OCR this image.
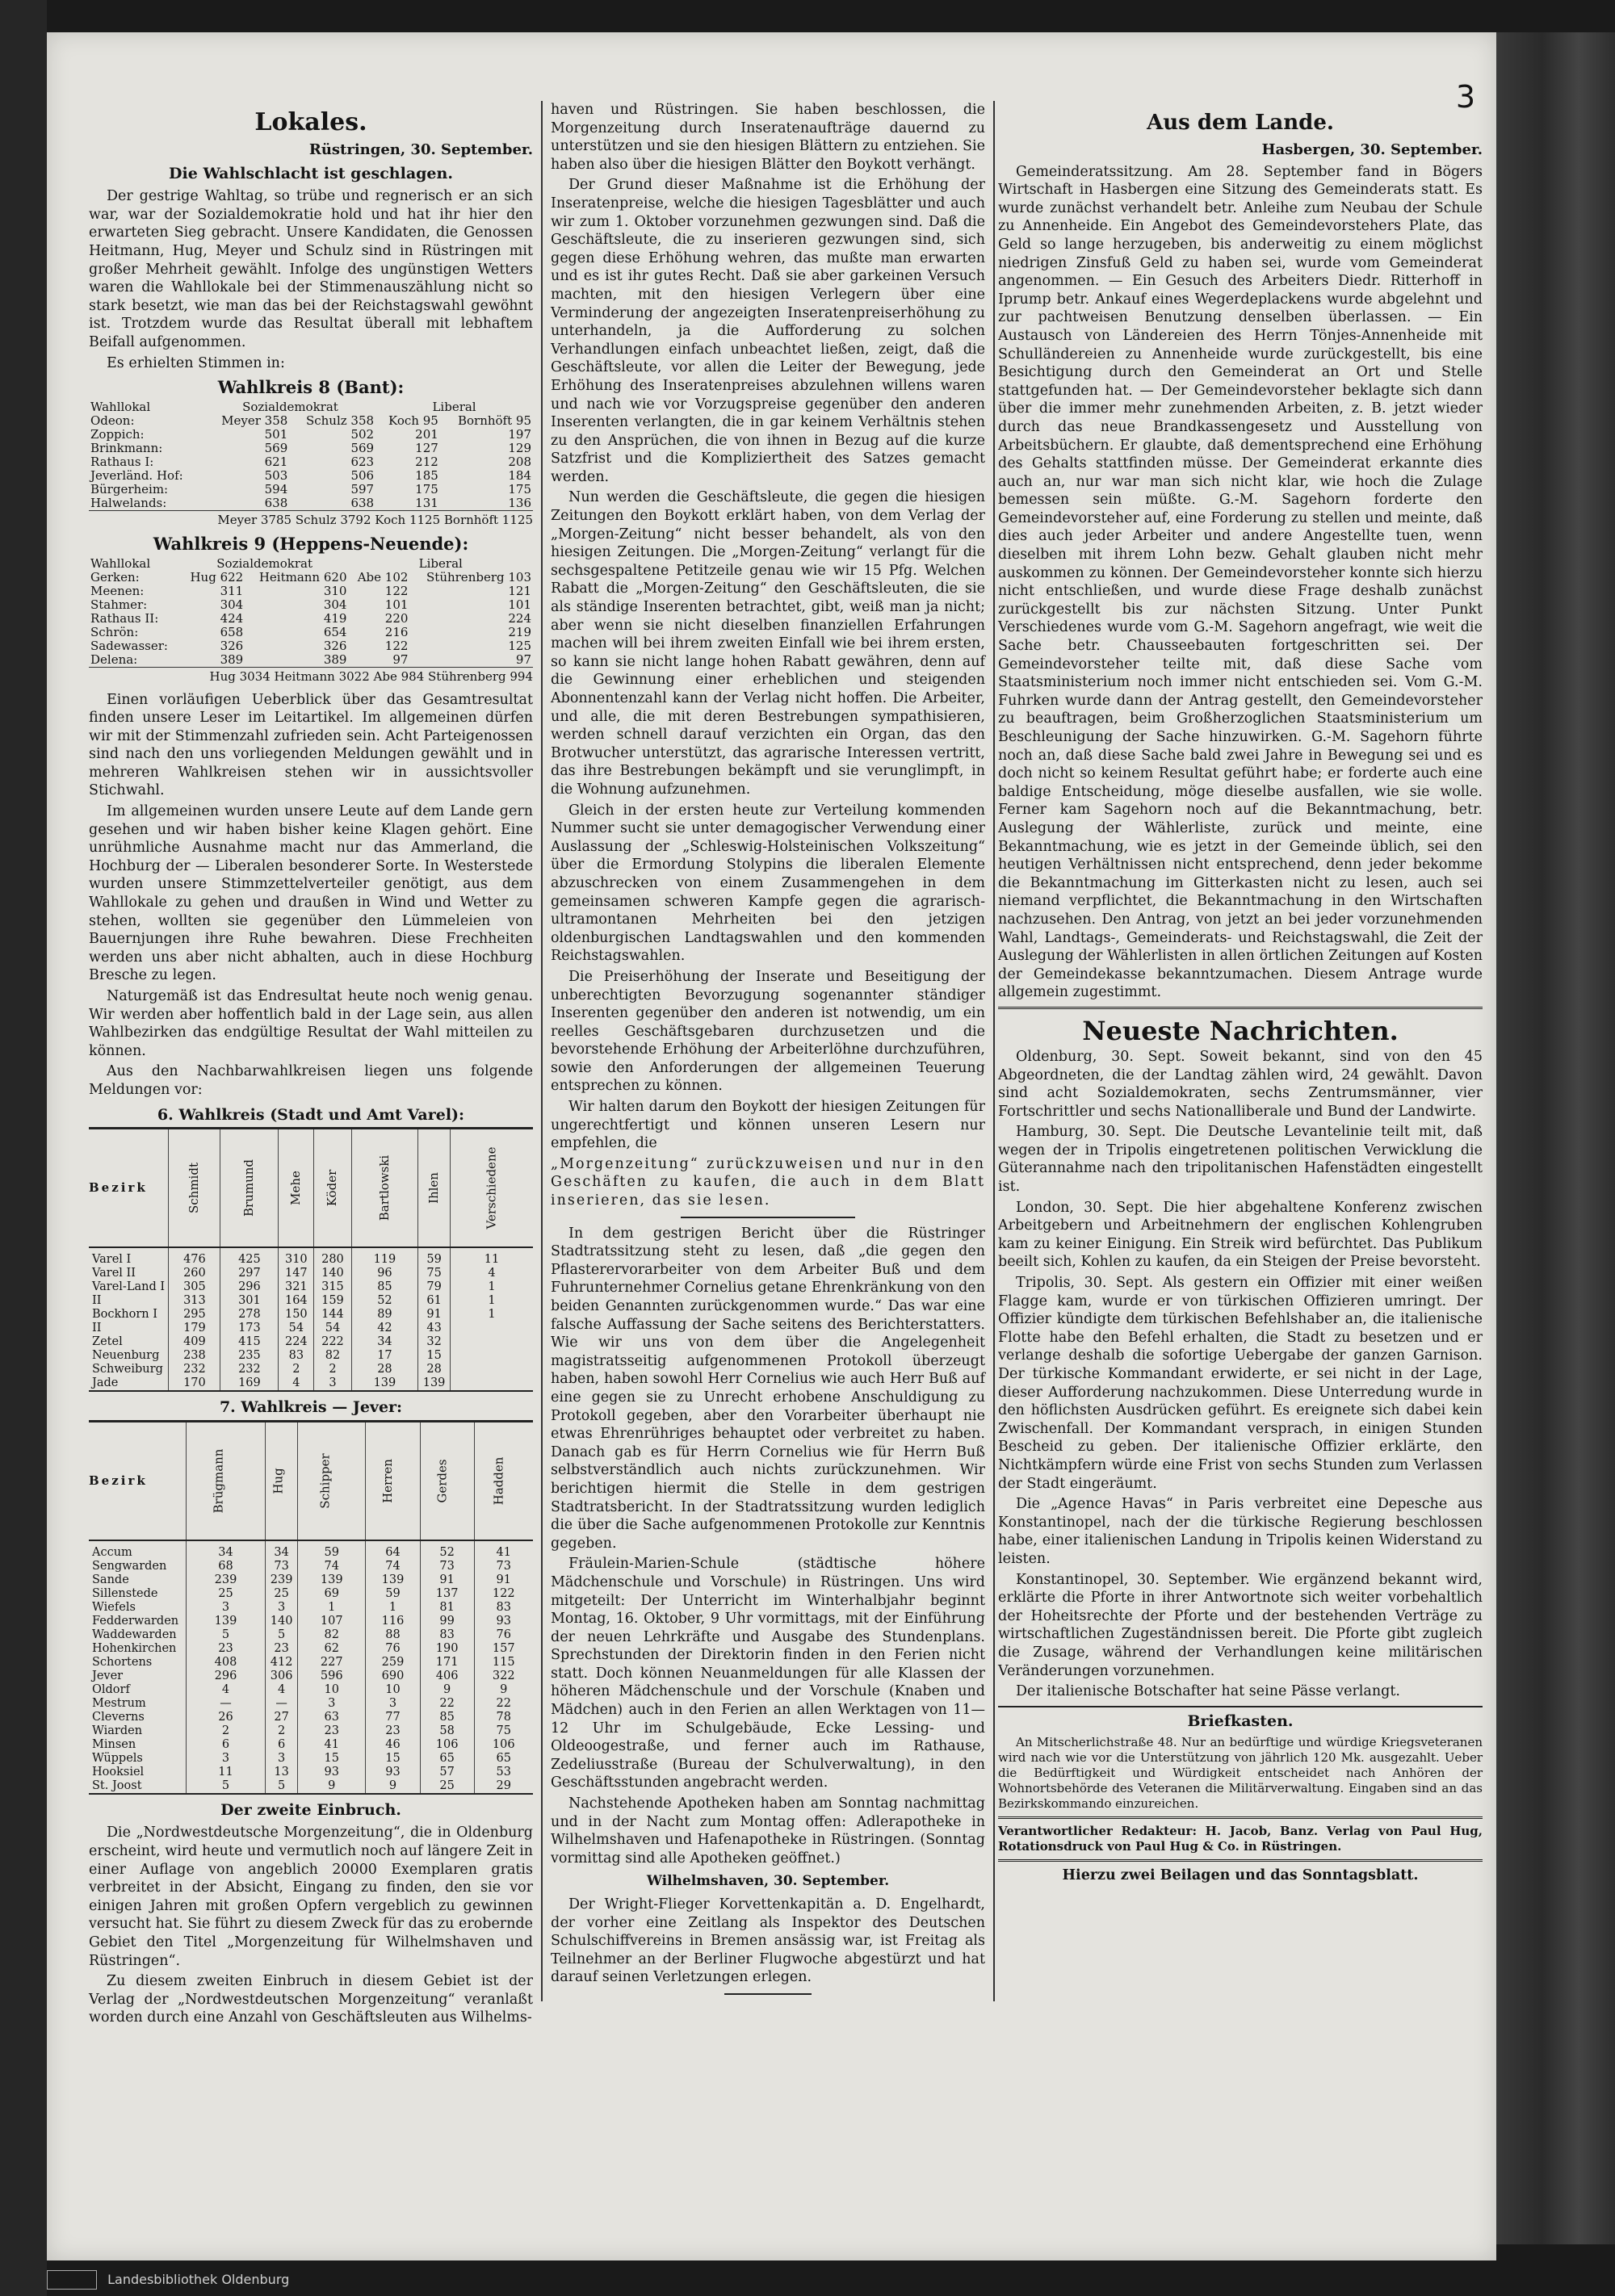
3
Lokales.
Rüstringen, 30. September.
Die Wahlschlacht ist geschlagen.

Der gestrige Wahltag, so trübe und regnerisch er an sich war, war der Sozialdemokratie hold und hat ihr hier den erwarteten Sieg gebracht. Unsere Kandidaten, die Genossen Heitmann, Hug, Meyer und Schulz sind in Rüstringen mit großer Mehrheit gewählt. Infolge des ungünstigen Wetters waren die Wahllokale bei der Stimmenauszählung nicht so stark besetzt, wie man das bei der Reichstagswahl gewöhnt ist. Trotzdem wurde das Resultat überall mit lebhaftem Beifall aufgenommen.

Es erhielten Stimmen in:

Wahlkreis 8 (Bant):
Wahllokal	Sozialdemokrat		Liberal	
Odeon:	Meyer 358	Schulz 358	Koch 95	Bornhöft 95
Zoppich:	501	502	201	197
Brinkmann:	569	569	127	129
Rathaus I:	621	623	212	208
Jeverländ. Hof:	503	506	185	184
Bürgerheim:	594	597	175	175
Halwelands:	638	638	131	136
Meyer 3785 Schulz 3792 Koch 1125 Bornhöft 1125
Wahlkreis 9 (Heppens-Neuende):
Wahllokal	Sozialdemokrat		Liberal	
Gerken:	Hug 622	Heitmann 620	Abe 102	Stührenberg 103
Meenen:	311	310	122	121
Stahmer:	304	304	101	101
Rathaus II:	424	419	220	224
Schrön:	658	654	216	219
Sadewasser:	326	326	122	125
Delena:	389	389	97	97
Hug 3034 Heitmann 3022 Abe 984 Stührenberg 994

Einen vorläufigen Ueberblick über das Gesamtresultat finden unsere Leser im Leitartikel. Im allgemeinen dürfen wir mit der Stimmenzahl zufrieden sein. Acht Parteigenossen sind nach den uns vorliegenden Meldungen gewählt und in mehreren Wahlkreisen stehen wir in aussichtsvoller Stichwahl.

Im allgemeinen wurden unsere Leute auf dem Lande gern gesehen und wir haben bisher keine Klagen gehört. Eine unrühmliche Ausnahme macht nur das Ammerland, die Hochburg der — Liberalen besonderer Sorte. In Westerstede wurden unsere Stimmzettelverteiler genötigt, aus dem Wahllokale zu gehen und draußen in Wind und Wetter zu stehen, wollten sie gegenüber den Lümmeleien von Bauernjungen ihre Ruhe bewahren. Diese Frechheiten werden uns aber nicht abhalten, auch in diese Hochburg Bresche zu legen.

Naturgemäß ist das Endresultat heute noch wenig genau. Wir werden aber hoffentlich bald in der Lage sein, aus allen Wahlbezirken das endgültige Resultat der Wahl mitteilen zu können.

Aus den Nachbarwahlkreisen liegen uns folgende Meldungen vor:

6. Wahlkreis (Stadt und Amt Varel):
Bezirk	Schmidt	Brumund	Mehe	Köder	Bartlowski	Ihlen	Verschiedene
Varel I	476	425	310	280	119	59	11
Varel II	260	297	147	140	96	75	4
Varel-Land I	305	296	321	315	85	79	1
II	313	301	164	159	52	61	1
Bockhorn I	295	278	150	144	89	91	1
II	179	173	54	54	42	43	
Zetel	409	415	224	222	34	32	
Neuenburg	238	235	83	82	17	15	
Schweiburg	232	232	2	2	28	28	
Jade	170	169	4	3	139	139	
7. Wahlkreis — Jever:
Bezirk	Brügmann	Hug	Schipper	Herren	Gerdes	Hadden
Accum	34	34	59	64	52	41
Sengwarden	68	73	74	74	73	73
Sande	239	239	139	139	91	91
Sillenstede	25	25	69	59	137	122
Wiefels	3	3	1	1	81	83
Fedderwarden	139	140	107	116	99	93
Waddewarden	5	5	82	88	83	76
Hohenkirchen	23	23	62	76	190	157
Schortens	408	412	227	259	171	115
Jever	296	306	596	690	406	322
Oldorf	4	4	10	10	9	9
Mestrum	—	—	3	3	22	22
Cleverns	26	27	63	77	85	78
Wiarden	2	2	23	23	58	75
Minsen	6	6	41	46	106	106
Wüppels	3	3	15	15	65	65
Hooksiel	11	13	93	93	57	53
St. Joost	5	5	9	9	25	29
Der zweite Einbruch.

Die „Nordwestdeutsche Morgenzeitung“, die in Oldenburg erscheint, wird heute und vermutlich noch auf längere Zeit in einer Auflage von angeblich 20000 Exemplaren gratis verbreitet in der Absicht, Eingang zu finden, den sie vor einigen Jahren mit großen Opfern vergeblich zu gewinnen versucht hat. Sie führt zu diesem Zweck für das zu erobernde Gebiet den Titel „Morgenzeitung für Wilhelmshaven und Rüstringen“.

Zu diesem zweiten Einbruch in diesem Gebiet ist der Verlag der „Nordwestdeutschen Morgenzeitung“ veranlaßt worden durch eine Anzahl von Geschäftsleuten aus Wilhelms-

haven und Rüstringen. Sie haben beschlossen, die Morgenzeitung durch Inseratenaufträge dauernd zu unterstützen und sie den hiesigen Blättern zu entziehen. Sie haben also über die hiesigen Blätter den Boykott verhängt.

Der Grund dieser Maßnahme ist die Erhöhung der Inseratenpreise, welche die hiesigen Tagesblätter und auch wir zum 1. Oktober vorzunehmen gezwungen sind. Daß die Geschäftsleute, die zu inserieren gezwungen sind, sich gegen diese Erhöhung wehren, das mußte man erwarten und es ist ihr gutes Recht. Daß sie aber garkeinen Versuch machten, mit den hiesigen Verlegern über eine Verminderung der angezeigten Inseratenpreiserhöhung zu unterhandeln, ja die Aufforderung zu solchen Verhandlungen einfach unbeachtet ließen, zeigt, daß die Geschäftsleute, vor allen die Leiter der Bewegung, jede Erhöhung des Inseratenpreises abzulehnen willens waren und nach wie vor Vorzugspreise gegenüber den anderen Inserenten verlangten, die in gar keinem Verhältnis stehen zu den Ansprüchen, die von ihnen in Bezug auf die kurze Satzfrist und die Kompliziertheit des Satzes gemacht werden.

Nun werden die Geschäftsleute, die gegen die hiesigen Zeitungen den Boykott erklärt haben, von dem Verlag der „Morgen-Zeitung“ nicht besser behandelt, als von den hiesigen Zeitungen. Die „Morgen-Zeitung“ verlangt für die sechsgespaltene Petitzeile genau wie wir 15 Pfg. Welchen Rabatt die „Morgen-Zeitung“ den Geschäftsleuten, die sie als ständige Inserenten betrachtet, gibt, weiß man ja nicht; aber wenn sie nicht dieselben finanziellen Erfahrungen machen will bei ihrem zweiten Einfall wie bei ihrem ersten, so kann sie nicht lange hohen Rabatt gewähren, denn auf die Gewinnung einer erheblichen und steigenden Abonnentenzahl kann der Verlag nicht hoffen. Die Arbeiter, und alle, die mit deren Bestrebungen sympathisieren, werden schnell darauf verzichten ein Organ, das den Brotwucher unterstützt, das agrarische Interessen vertritt, das ihre Bestrebungen bekämpft und sie verunglimpft, in die Wohnung aufzunehmen.

Gleich in der ersten heute zur Verteilung kommenden Nummer sucht sie unter demagogischer Verwendung einer Auslassung der „Schleswig-Holsteinischen Volkszeitung“ über die Ermordung Stolypins die liberalen Elemente abzuschrecken von einem Zusammengehen in dem gemeinsamen schweren Kampfe gegen die agrarisch-ultramontanen Mehrheiten bei den jetzigen oldenburgischen Landtagswahlen und den kommenden Reichstagswahlen.

Die Preiserhöhung der Inserate und Beseitigung der unberechtigten Bevorzugung sogenannter ständiger Inserenten gegenüber den anderen ist notwendig, um ein reelles Geschäftsgebaren durchzusetzen und die bevorstehende Erhöhung der Arbeiterlöhne durchzuführen, sowie den Anforderungen der allgemeinen Teuerung entsprechen zu können.

Wir halten darum den Boykott der hiesigen Zeitungen für ungerechtfertigt und können unseren Lesern nur empfehlen, die

„Morgenzeitung“ zurückzuweisen und nur in den Geschäften zu kaufen, die auch in dem Blatt inserieren, das sie lesen.

In dem gestrigen Bericht über die Rüstringer Stadtratssitzung steht zu lesen, daß „die gegen den Pflasterervorarbeiter von dem Arbeiter Buß und dem Fuhrunternehmer Cornelius getane Ehrenkränkung von den beiden Genannten zurückgenommen wurde.“ Das war eine falsche Auffassung der Sache seitens des Berichterstatters. Wie wir uns von dem über die Angelegenheit magistratsseitig aufgenommenen Protokoll überzeugt haben, haben sowohl Herr Cornelius wie auch Herr Buß auf eine gegen sie zu Unrecht erhobene Anschuldigung zu Protokoll gegeben, aber den Vorarbeiter überhaupt nie etwas Ehrenrühriges behauptet oder verbreitet zu haben. Danach gab es für Herrn Cornelius wie für Herrn Buß selbstverständlich auch nichts zurückzunehmen. Wir berichtigen hiermit die Stelle in dem gestrigen Stadtratsbericht. In der Stadtratssitzung wurden lediglich die über die Sache aufgenommenen Protokolle zur Kenntnis gegeben.

Fräulein-Marien-Schule (städtische höhere Mädchenschule und Vorschule) in Rüstringen. Uns wird mitgeteilt: Der Unterricht im Winterhalbjahr beginnt Montag, 16. Oktober, 9 Uhr vormittags, mit der Einführung der neuen Lehrkräfte und Ausgabe des Stundenplans. Sprechstunden der Direktorin finden in den Ferien nicht statt. Doch können Neuanmeldungen für alle Klassen der höheren Mädchenschule und der Vorschule (Knaben und Mädchen) auch in den Ferien an allen Werktagen von 11—12 Uhr im Schulgebäude, Ecke Lessing- und Oldeoogestraße, und ferner auch im Rathause, Zedeliusstraße (Bureau der Schulverwaltung), in den Geschäftsstunden angebracht werden.

Nachstehende Apotheken haben am Sonntag nachmittag und in der Nacht zum Montag offen: Adlerapotheke in Wilhelmshaven und Hafenapotheke in Rüstringen. (Sonntag vormittag sind alle Apotheken geöffnet.)

Wilhelmshaven, 30. September.

Der Wright-Flieger Korvettenkapitän a. D. Engelhardt, der vorher eine Zeitlang als Inspektor des Deutschen Schulschiffvereins in Bremen ansässig war, ist Freitag als Teilnehmer an der Berliner Flugwoche abgestürzt und hat darauf seinen Verletzungen erlegen.

Aus dem Lande.
Hasbergen, 30. September.

Gemeinderatssitzung. Am 28. September fand in Bögers Wirtschaft in Hasbergen eine Sitzung des Gemeinderats statt. Es wurde zunächst verhandelt betr. Anleihe zum Neubau der Schule zu Annenheide. Ein Angebot des Gemeindevorstehers Plate, das Geld so lange herzugeben, bis anderweitig zu einem möglichst niedrigen Zinsfuß Geld zu haben sei, wurde vom Gemeinderat angenommen. — Ein Gesuch des Arbeiters Diedr. Ritterhoff in Iprump betr. Ankauf eines Wegerdeplackens wurde abgelehnt und zur pachtweisen Benutzung denselben überlassen. — Ein Austausch von Ländereien des Herrn Tönjes-Annenheide mit Schulländereien zu Annenheide wurde zurückgestellt, bis eine Besichtigung durch den Gemeinderat an Ort und Stelle stattgefunden hat. — Der Gemeindevorsteher beklagte sich dann über die immer mehr zunehmenden Arbeiten, z. B. jetzt wieder durch das neue Brandkassengesetz und Ausstellung von Arbeitsbüchern. Er glaubte, daß dementsprechend eine Erhöhung des Gehalts stattfinden müsse. Der Gemeinderat erkannte dies auch an, nur war man sich nicht klar, wie hoch die Zulage bemessen sein müßte. G.-M. Sagehorn forderte den Gemeindevorsteher auf, eine Forderung zu stellen und meinte, daß dies auch jeder Arbeiter und andere Angestellte tuen, wenn dieselben mit ihrem Lohn bezw. Gehalt glauben nicht mehr auskommen zu können. Der Gemeindevorsteher konnte sich hierzu nicht entschließen, und wurde diese Frage deshalb zunächst zurückgestellt bis zur nächsten Sitzung. Unter Punkt Verschiedenes wurde vom G.-M. Sagehorn angefragt, wie weit die Sache betr. Chausseebauten fortgeschritten sei. Der Gemeindevorsteher teilte mit, daß diese Sache vom Staatsministerium noch immer nicht entschieden sei. Vom G.-M. Fuhrken wurde dann der Antrag gestellt, den Gemeindevorsteher zu beauftragen, beim Großherzoglichen Staatsministerium um Beschleunigung der Sache hinzuwirken. G.-M. Sagehorn führte noch an, daß diese Sache bald zwei Jahre in Bewegung sei und es doch nicht so keinem Resultat geführt habe; er forderte auch eine baldige Entscheidung, möge dieselbe ausfallen, wie sie wolle. Ferner kam Sagehorn noch auf die Bekanntmachung, betr. Auslegung der Wählerliste, zurück und meinte, eine Bekanntmachung, wie es jetzt in der Gemeinde üblich, sei den heutigen Verhältnissen nicht entsprechend, denn jeder bekomme die Bekanntmachung im Gitterkasten nicht zu lesen, auch sei niemand verpflichtet, die Bekanntmachung in den Wirtschaften nachzusehen. Den Antrag, von jetzt an bei jeder vorzunehmenden Wahl, Landtags-, Gemeinderats- und Reichstagswahl, die Zeit der Auslegung der Wählerlisten in allen örtlichen Zeitungen auf Kosten der Gemeindekasse bekanntzumachen. Diesem Antrage wurde allgemein zugestimmt.

Neueste Nachrichten.

Oldenburg, 30. Sept. Soweit bekannt, sind von den 45 Abgeordneten, die der Landtag zählen wird, 24 gewählt. Davon sind acht Sozialdemokraten, sechs Zentrumsmänner, vier Fortschrittler und sechs Nationalliberale und Bund der Landwirte.

Hamburg, 30. Sept. Die Deutsche Levantelinie teilt mit, daß wegen der in Tripolis eingetretenen politischen Verwicklung die Güterannahme nach den tripolitanischen Hafenstädten eingestellt ist.

London, 30. Sept. Die hier abgehaltene Konferenz zwischen Arbeitgebern und Arbeitnehmern der englischen Kohlengruben kam zu keiner Einigung. Ein Streik wird befürchtet. Das Publikum beeilt sich, Kohlen zu kaufen, da ein Steigen der Preise bevorsteht.

Tripolis, 30. Sept. Als gestern ein Offizier mit einer weißen Flagge kam, wurde er von türkischen Offizieren umringt. Der Offizier kündigte dem türkischen Befehlshaber an, die italienische Flotte habe den Befehl erhalten, die Stadt zu besetzen und er verlange deshalb die sofortige Uebergabe der ganzen Garnison. Der türkische Kommandant erwiderte, er sei nicht in der Lage, dieser Aufforderung nachzukommen. Diese Unterredung wurde in den höflichsten Ausdrücken geführt. Es ereignete sich dabei kein Zwischenfall. Der Kommandant versprach, in einigen Stunden Bescheid zu geben. Der italienische Offizier erklärte, den Nichtkämpfern würde eine Frist von sechs Stunden zum Verlassen der Stadt eingeräumt.

Die „Agence Havas“ in Paris verbreitet eine Depesche aus Konstantinopel, nach der die türkische Regierung beschlossen habe, einer italienischen Landung in Tripolis keinen Widerstand zu leisten.

Konstantinopel, 30. September. Wie ergänzend bekannt wird, erklärte die Pforte in ihrer Antwortnote sich weiter vorbehaltlich der Hoheitsrechte der Pforte und der bestehenden Verträge zu wirtschaftlichen Zugeständnissen bereit. Die Pforte gibt zugleich die Zusage, während der Verhandlungen keine militärischen Veränderungen vorzunehmen.

Der italienische Botschafter hat seine Pässe verlangt.

Briefkasten.

An Mitscherlichstraße 48. Nur an bedürftige und würdige Kriegsveteranen wird nach wie vor die Unterstützung von jährlich 120 Mk. ausgezahlt. Ueber die Bedürftigkeit und Würdigkeit entscheidet nach Anhören der Wohnortsbehörde des Veteranen die Militärverwaltung. Eingaben sind an das Bezirkskommando einzureichen.

Verantwortlicher Redakteur: H. Jacob, Banz. Verlag von Paul Hug, Rotationsdruck von Paul Hug & Co. in Rüstringen.

Hierzu zwei Beilagen und das Sonntagsblatt.

Landesbibliothek Oldenburg
